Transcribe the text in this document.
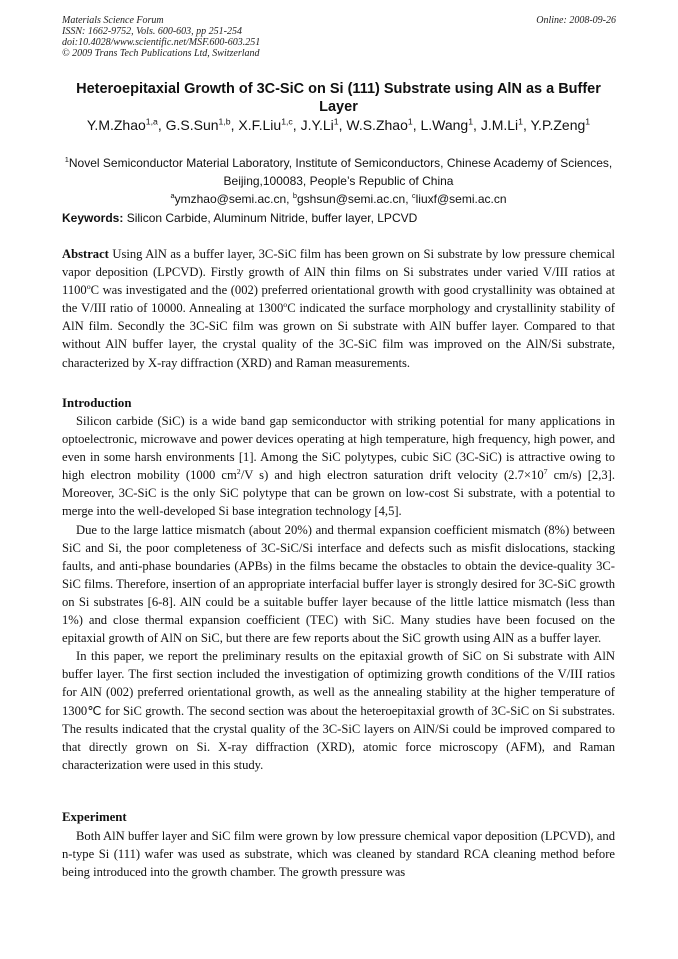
Materials Science Forum
ISSN: 1662-9752, Vols. 600-603, pp 251-254
doi:10.4028/www.scientific.net/MSF.600-603.251
© 2009 Trans Tech Publications Ltd, Switzerland
Online: 2008-09-26
Heteroepitaxial Growth of 3C-SiC on Si (111) Substrate using AlN as a Buffer Layer
Y.M.Zhao$^{1,a}$, G.S.Sun$^{1,b}$, X.F.Liu$^{1,c}$, J.Y.Li$^1$, W.S.Zhao$^1$, L.Wang$^1$, J.M.Li$^1$, Y.P.Zeng$^1$
$^1$Novel Semiconductor Material Laboratory, Institute of Semiconductors, Chinese Academy of Sciences, Beijing,100083, People’s Republic of China
$^a$ymzhao@semi.ac.cn, $^b$gshsun@semi.ac.cn, $^c$liuxf@semi.ac.cn
Keywords: Silicon Carbide, Aluminum Nitride, buffer layer, LPCVD

Abstract Using AlN as a buffer layer, 3C-SiC film has been grown on Si substrate by low pressure chemical vapor deposition (LPCVD). Firstly growth of AlN thin films on Si substrates under varied V/III ratios at 1100$^o$C was investigated and the (002) preferred orientational growth with good crystallinity was obtained at the V/III ratio of 10000. Annealing at 1300$^o$C indicated the surface morphology and crystallinity stability of AlN film. Secondly the 3C-SiC film was grown on Si substrate with AlN buffer layer. Compared to that without AlN buffer layer, the crystal quality of the 3C-SiC film was improved on the AlN/Si substrate, characterized by X-ray diffraction (XRD) and Raman measurements.

Introduction

Silicon carbide (SiC) is a wide band gap semiconductor with striking potential for many applications in optoelectronic, microwave and power devices operating at high temperature, high frequency, high power, and even in some harsh environments [1]. Among the SiC polytypes, cubic SiC (3C-SiC) is attractive owing to high electron mobility (1000 $cm^2/V$ s) and high electron saturation drift velocity ($2.7\times 10^7$ cm/s) [2,3]. Moreover, 3C-SiC is the only SiC polytype that can be grown on low-cost Si substrate, with a potential to merge into the well-developed Si base integration technology [4,5].

Due to the large lattice mismatch (about 20%) and thermal expansion coefficient mismatch (8%) between SiC and Si, the poor completeness of 3C-SiC/Si interface and defects such as misfit dislocations, stacking faults, and anti-phase boundaries (APBs) in the films became the obstacles to obtain the device-quality 3C-SiC films. Therefore, insertion of an appropriate interfacial buffer layer is strongly desired for 3C-SiC growth on Si substrates [6-8]. AlN could be a suitable buffer layer because of the little lattice mismatch (less than 1%) and close thermal expansion coefficient (TEC) with SiC. Many studies have been focused on the epitaxial growth of AlN on SiC, but there are few reports about the SiC growth using AlN as a buffer layer.

In this paper, we report the preliminary results on the epitaxial growth of SiC on Si substrate with AlN buffer layer. The first section included the investigation of optimizing growth conditions of the V/III ratios for AlN (002) preferred orientational growth, as well as the annealing stability at the higher temperature of 1300℃ for SiC growth. The second section was about the heteroepitaxial growth of 3C-SiC on Si substrates. The results indicated that the crystal quality of the 3C-SiC layers on AlN/Si could be improved compared to that directly grown on Si. X-ray diffraction (XRD), atomic force microscopy (AFM), and Raman characterization were used in this study.

Experiment

Both AlN buffer layer and SiC film were grown by low pressure chemical vapor deposition (LPCVD), and n-type Si (111) wafer was used as substrate, which was cleaned by standard RCA cleaning method before being introduced into the growth chamber. The growth pressure was
